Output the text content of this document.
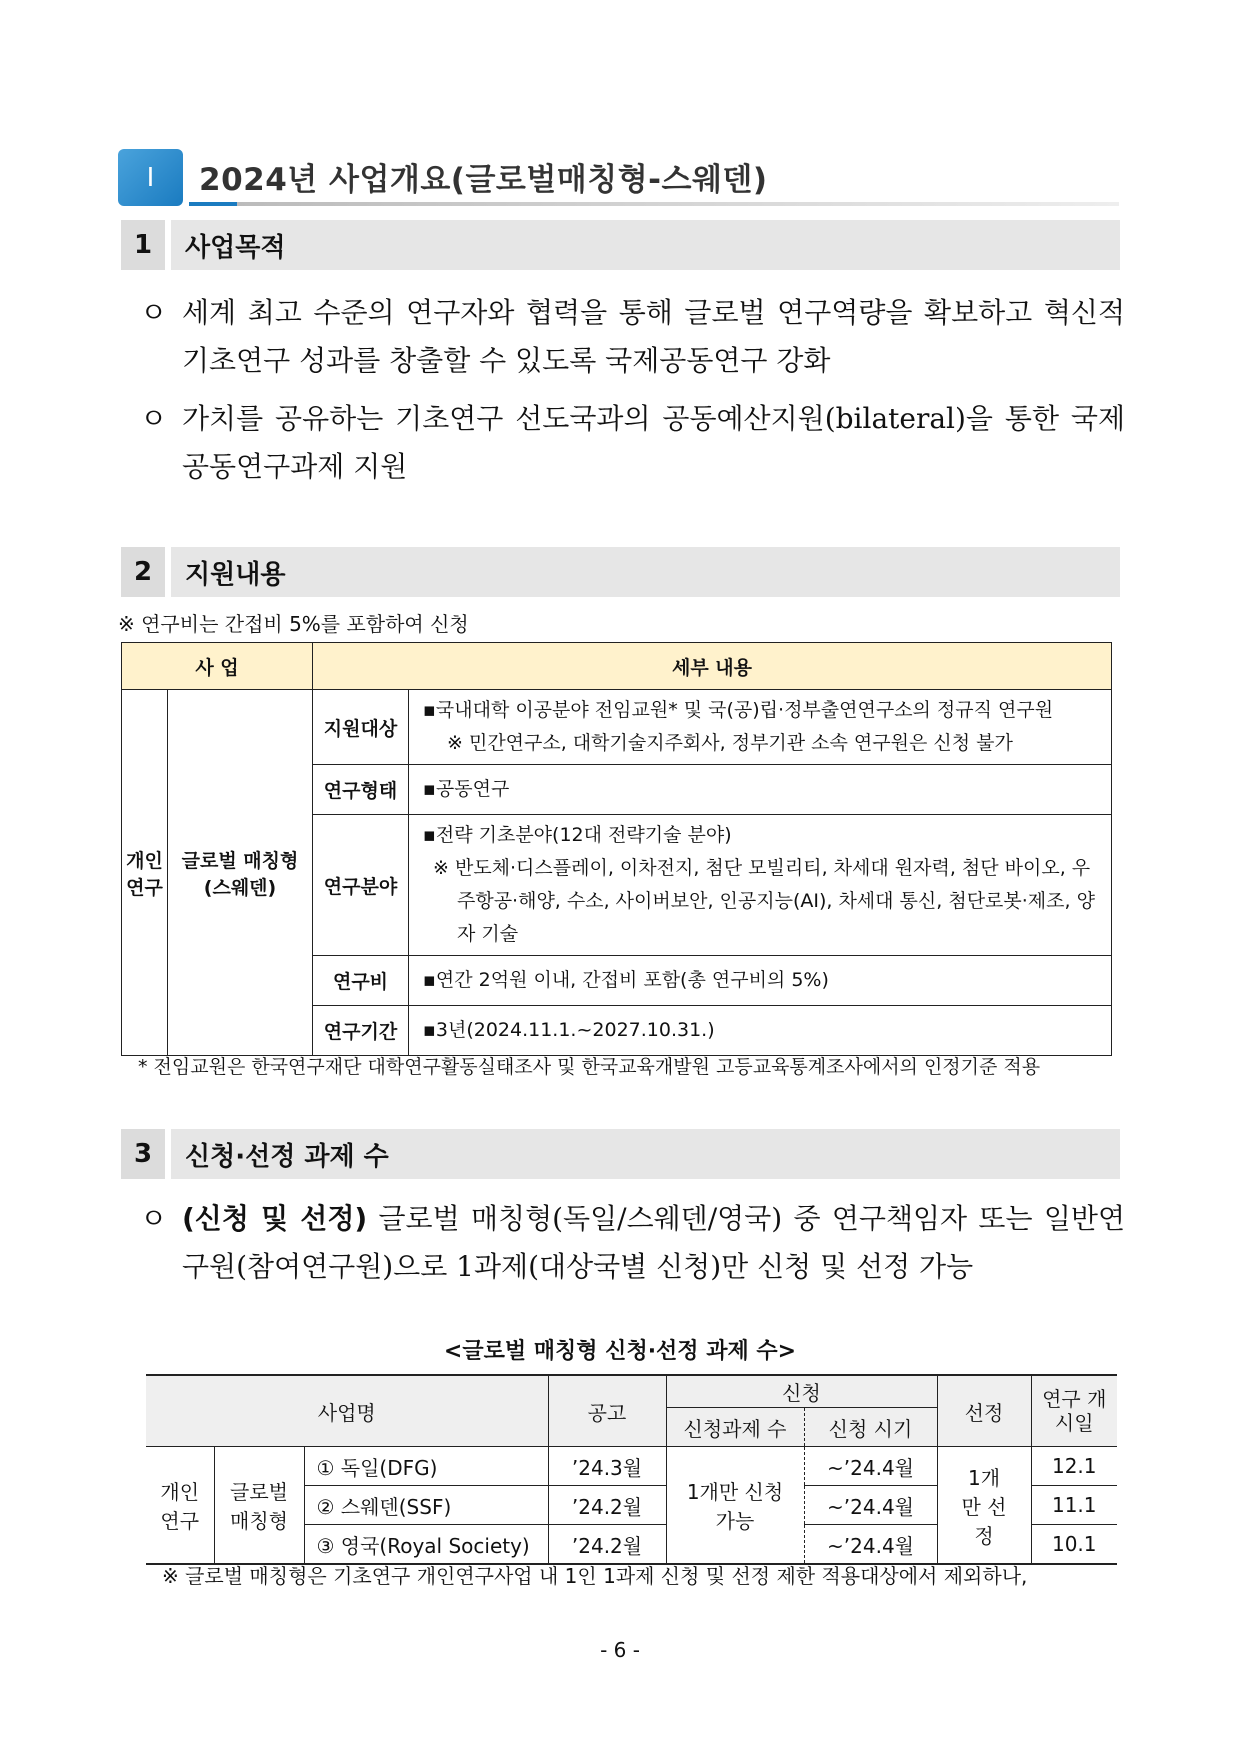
Ⅰ	2024년 사업개요(글로벌매칭형-스웨덴)
1	사업목적
ㅇ 세계 최고 수준의 연구자와 협력을 통해 글로벌 연구역량을 확보하고 혁신적 기초연구 성과를 창출할 수 있도록 국제공동연구 강화
ㅇ 가치를 공유하는 기초연구 선도국과의 공동예산지원(bilateral)을 통한 국제공동연구과제 지원
2	지원내용
※ 연구비는 간접비 5%를 포함하여 신청
사 업		세부 내용	
개인 연구	글로벌 매칭형 (스웨덴)	지원대상	▪국내대학 이공분야 전임교원* 및 국(공)립·정부출연연구소의 정규직 연구원
※ 민간연구소, 대학기술지주회사, 정부기관 소속 연구원은 신청 불가

		연구형태	▪공동연구

		연구분야	▪전략 기초분야(12대 전략기술 분야)
※ 반도체·디스플레이, 이차전지, 첨단 모빌리티, 차세대 원자력, 첨단 바이오, 우주항공·해양, 수소, 사이버보안, 인공지능(AI), 차세대 통신, 첨단로봇·제조, 양자 기술

		연구비	▪연간 2억원 이내, 간접비 포함(총 연구비의 5%)

		연구기간	▪3년(2024.11.1.~2027.10.31.)
* 전임교원은 한국연구재단 대학연구활동실태조사 및 한국교육개발원 고등교육통계조사에서의 인정기준 적용
3	신청·선정 과제 수
ㅇ (신청 및 선정) 글로벌 매칭형(독일/스웨덴/영국) 중 연구책임자 또는 일반연구원(참여연구원)으로 1과제(대상국별 신청)만 신청 및 선정 가능
<글로벌 매칭형 신청·선정 과제 수>
사업명			공고	신청		선정	연구 개시일
				신청과제 수	신청 시기		
개인 연구	글로벌 매칭형	① 독일(DFG)	’24.3월	1개만 신청 가능	~’24.4월	1개만 선정	12.1
		② 스웨덴(SSF)	’24.2월		~’24.4월		11.1
		③ 영국(Royal Society)	’24.2월		~’24.4월		10.1
※ 글로벌 매칭형은 기초연구 개인연구사업 내 1인 1과제 신청 및 선정 제한 적용대상에서 제외하나,
- 6 -
